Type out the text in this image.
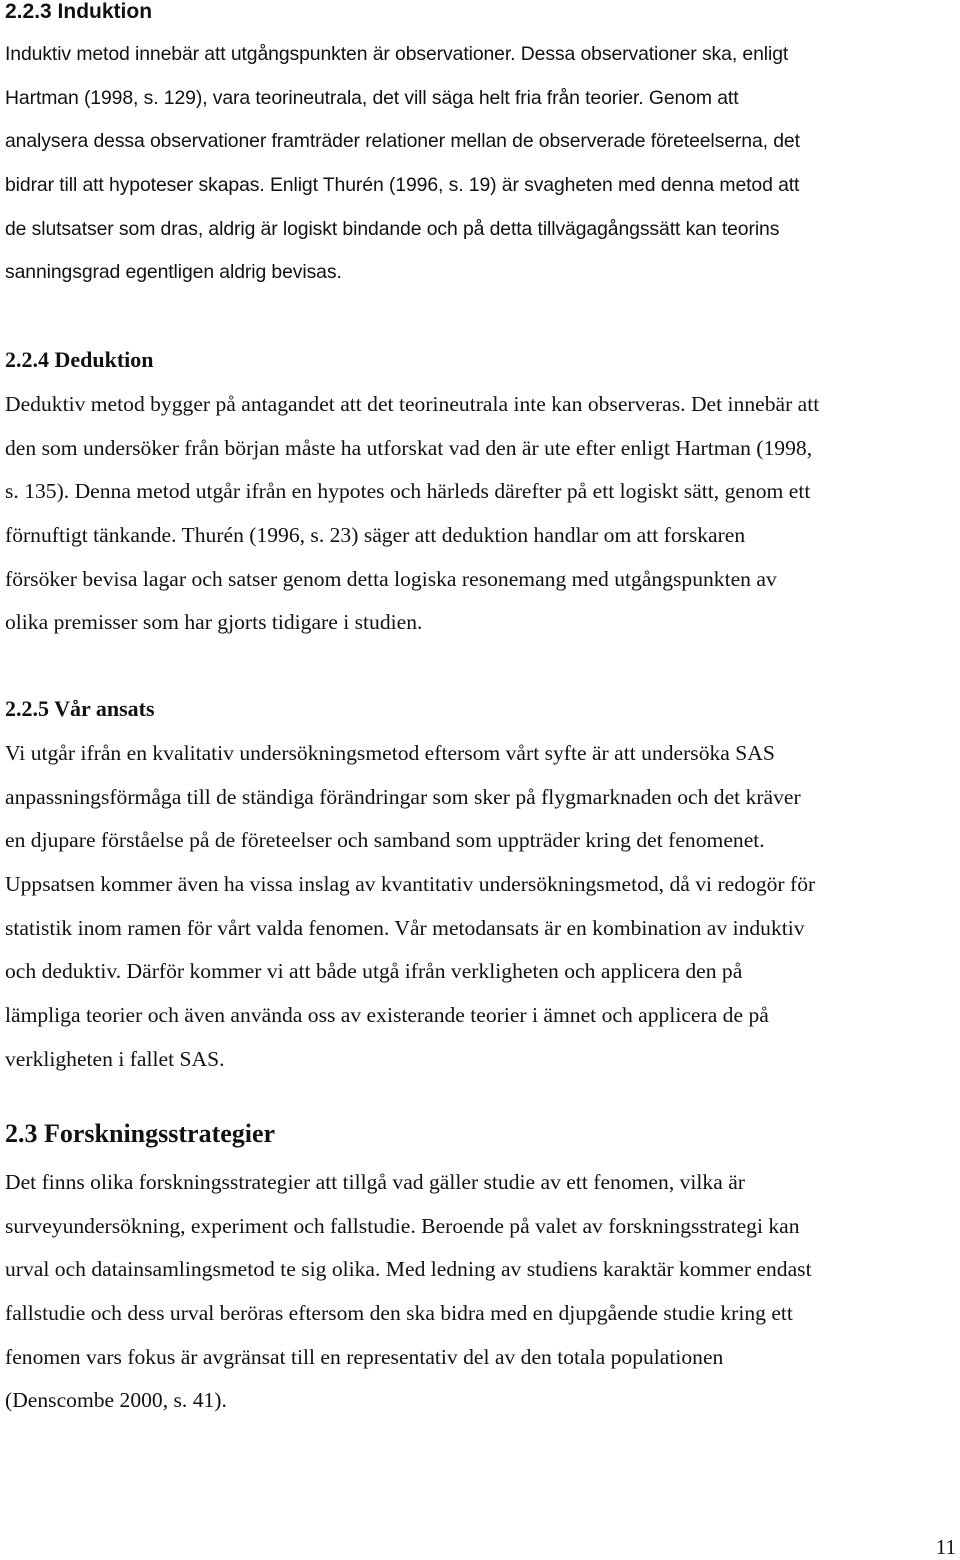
2.2.3 Induktion
Induktiv metod innebär att utgångspunkten är observationer. Dessa observationer ska, enligt
Hartman (1998, s. 129), vara teorineutrala, det vill säga helt fria från teorier. Genom att
analysera dessa observationer framträder relationer mellan de observerade företeelserna, det
bidrar till att hypoteser skapas. Enligt Thurén (1996, s. 19) är svagheten med denna metod att
de slutsatser som dras, aldrig är logiskt bindande och på detta tillvägagångssätt kan teorins
sanningsgrad egentligen aldrig bevisas.
2.2.4 Deduktion
Deduktiv metod bygger på antagandet att det teorineutrala inte kan observeras. Det innebär att
den som undersöker från början måste ha utforskat vad den är ute efter enligt Hartman (1998,
s. 135). Denna metod utgår ifrån en hypotes och härleds därefter på ett logiskt sätt, genom ett
förnuftigt tänkande. Thurén (1996, s. 23) säger att deduktion handlar om att forskaren
försöker bevisa lagar och satser genom detta logiska resonemang med utgångspunkten av
olika premisser som har gjorts tidigare i studien.
2.2.5 Vår ansats
Vi utgår ifrån en kvalitativ undersökningsmetod eftersom vårt syfte är att undersöka SAS
anpassningsförmåga till de ständiga förändringar som sker på flygmarknaden och det kräver
en djupare förståelse på de företeelser och samband som uppträder kring det fenomenet.
Uppsatsen kommer även ha vissa inslag av kvantitativ undersökningsmetod, då vi redogör för
statistik inom ramen för vårt valda fenomen. Vår metodansats är en kombination av induktiv
och deduktiv. Därför kommer vi att både utgå ifrån verkligheten och applicera den på
lämpliga teorier och även använda oss av existerande teorier i ämnet och applicera de på
verkligheten i fallet SAS.
2.3 Forskningsstrategier
Det finns olika forskningsstrategier att tillgå vad gäller studie av ett fenomen, vilka är
surveyundersökning, experiment och fallstudie. Beroende på valet av forskningsstrategi kan
urval och datainsamlingsmetod te sig olika. Med ledning av studiens karaktär kommer endast
fallstudie och dess urval beröras eftersom den ska bidra med en djupgående studie kring ett
fenomen vars fokus är avgränsat till en representativ del av den totala populationen
(Denscombe 2000, s. 41).
11
